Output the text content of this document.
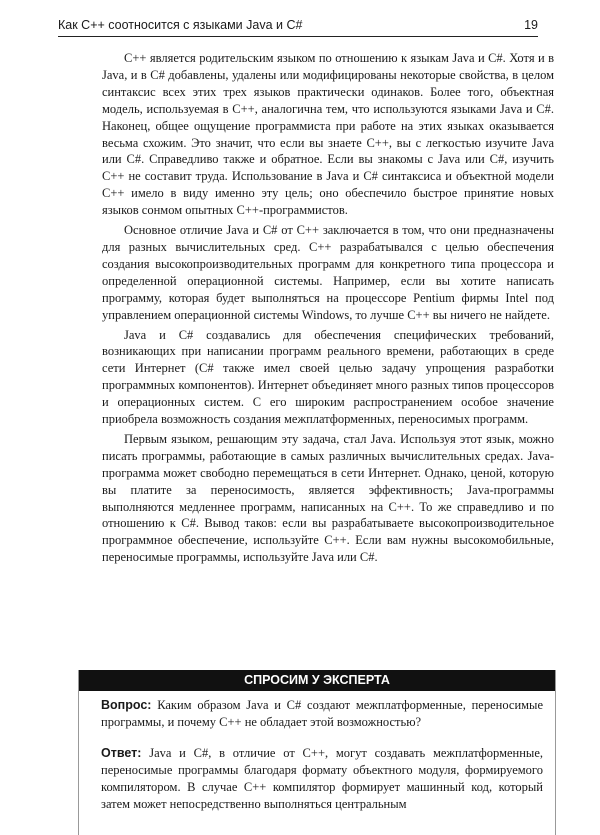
Как C++ соотносится с языками Java и C#	19

C++ является родительским языком по отношению к языкам Java и C#. Хотя и в Java, и в C# добавлены, удалены или модифицированы некоторые свойства, в целом синтаксис всех этих трех языков практически одинаков. Более того, объектная модель, используемая в C++, аналогична тем, что используются языками Java и C#. Наконец, общее ощущение программиста при работе на этих языках оказывается весьма схожим. Это значит, что если вы знаете C++, вы с легкостью изучите Java или C#. Справедливо также и обратное. Если вы знакомы с Java или C#, изучить C++ не составит труда. Использование в Java и C# синтаксиса и объектной модели C++ имело в виду именно эту цель; оно обеспечило быстрое принятие новых языков сонмом опытных C++-программистов.

Основное отличие Java и C# от C++ заключается в том, что они предназначены для разных вычислительных сред. C++ разрабатывался с целью обеспечения создания высокопроизводительных программ для конкретного типа процессора и определенной операционной системы. Например, если вы хотите написать программу, которая будет выполняться на процессоре Pentium фирмы Intel под управлением операционной системы Windows, то лучше C++ вы ничего не найдете.

Java и C# создавались для обеспечения специфических требований, возникающих при написании программ реального времени, работающих в среде сети Интернет (C# также имел своей целью задачу упрощения разработки программных компонентов). Интернет объединяет много разных типов процессоров и операционных систем. С его широким распространением особое значение приобрела возможность создания межплатформенных, переносимых программ.

Первым языком, решающим эту задача, стал Java. Используя этот язык, можно писать программы, работающие в самых различных вычислительных средах. Java-программа может свободно перемещаться в сети Интернет. Однако, ценой, которую вы платите за переносимость, является эффективность; Java-программы выполняются медленнее программ, написанных на C++. То же справедливо и по отношению к C#. Вывод таков: если вы разрабатываете высокопроизводительное программное обеспечение, используйте C++. Если вам нужны высокомобильные, переносимые программы, используйте Java или C#.

СПРОСИМ У ЭКСПЕРТА

Вопрос: Каким образом Java и C# создают межплатформенные, переносимые программы, и почему C++ не обладает этой возможностью?

Ответ: Java и C#, в отличие от C++, могут создавать межплатформенные, переносимые программы благодаря формату объектного модуля, формируемого компилятором. В случае C++ компилятор формирует машинный код, который затем может непосредственно выполняться центральным
